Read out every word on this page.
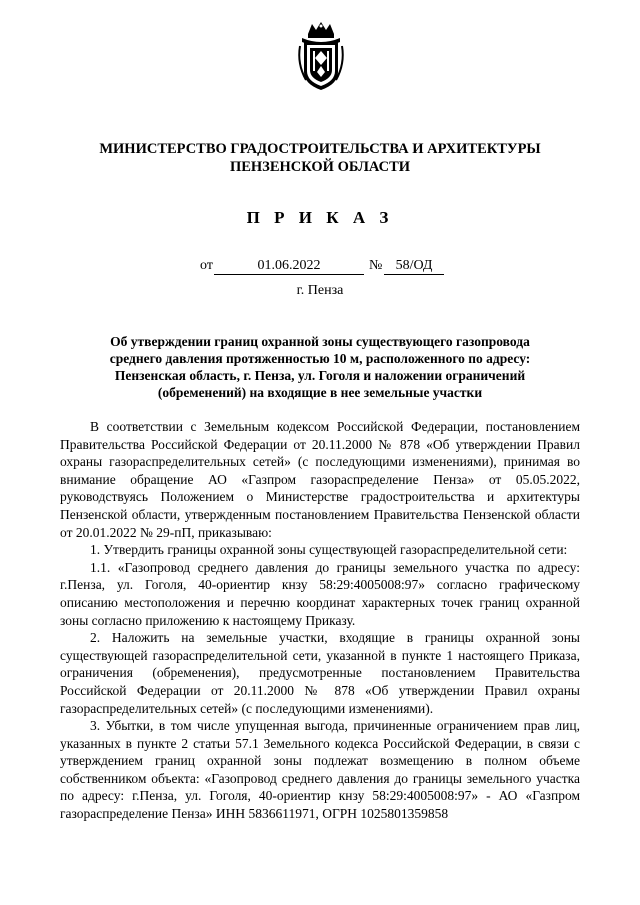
МИНИСТЕРСТВО ГРАДОСТРОИТЕЛЬСТВА И АРХИТЕКТУРЫ
ПЕНЗЕНСКОЙ ОБЛАСТИ
П Р И К А З
от	01.06.2022	№ 58/ОД
г. Пенза
Об утверждении границ охранной зоны существующего газопровода
среднего давления протяженностью 10 м, расположенного по адресу:
Пензенская область, г. Пенза, ул. Гоголя и наложении ограничений
(обременений) на входящие в нее земельные участки

В соответствии с Земельным кодексом Российской Федерации, постановлением Правительства Российской Федерации от 20.11.2000 № 878 «Об утверждении Правил охраны газораспределительных сетей» (с последующими изменениями), принимая во внимание обращение АО «Газпром газораспределение Пенза» от 05.05.2022, руководствуясь Положением о Министерстве градостроительства и архитектуры Пензенской области, утвержденным постановлением Правительства Пензенской области от 20.01.2022 № 29-пП, приказываю:

1. Утвердить границы охранной зоны существующей газораспределительной сети:

1.1. «Газопровод среднего давления до границы земельного участка по адресу: г.Пенза, ул. Гоголя, 40-ориентир кнзу 58:29:4005008:97» согласно графическому описанию местоположения и перечню координат характерных точек границ охранной зоны согласно приложению к настоящему Приказу.

2. Наложить на земельные участки, входящие в границы охранной зоны существующей газораспределительной сети, указанной в пункте 1 настоящего Приказа, ограничения (обременения), предусмотренные постановлением Правительства Российской Федерации от 20.11.2000 № 878 «Об утверждении Правил охраны газораспределительных сетей» (с последующими изменениями).

3. Убытки, в том числе упущенная выгода, причиненные ограничением прав лиц, указанных в пункте 2 статьи 57.1 Земельного кодекса Российской Федерации, в связи с утверждением границ охранной зоны подлежат возмещению в полном объеме собственником объекта: «Газопровод среднего давления до границы земельного участка по адресу: г.Пенза, ул. Гоголя, 40-ориентир кнзу 58:29:4005008:97» - АО «Газпром газораспределение Пенза» ИНН 5836611971, ОГРН 1025801359858
